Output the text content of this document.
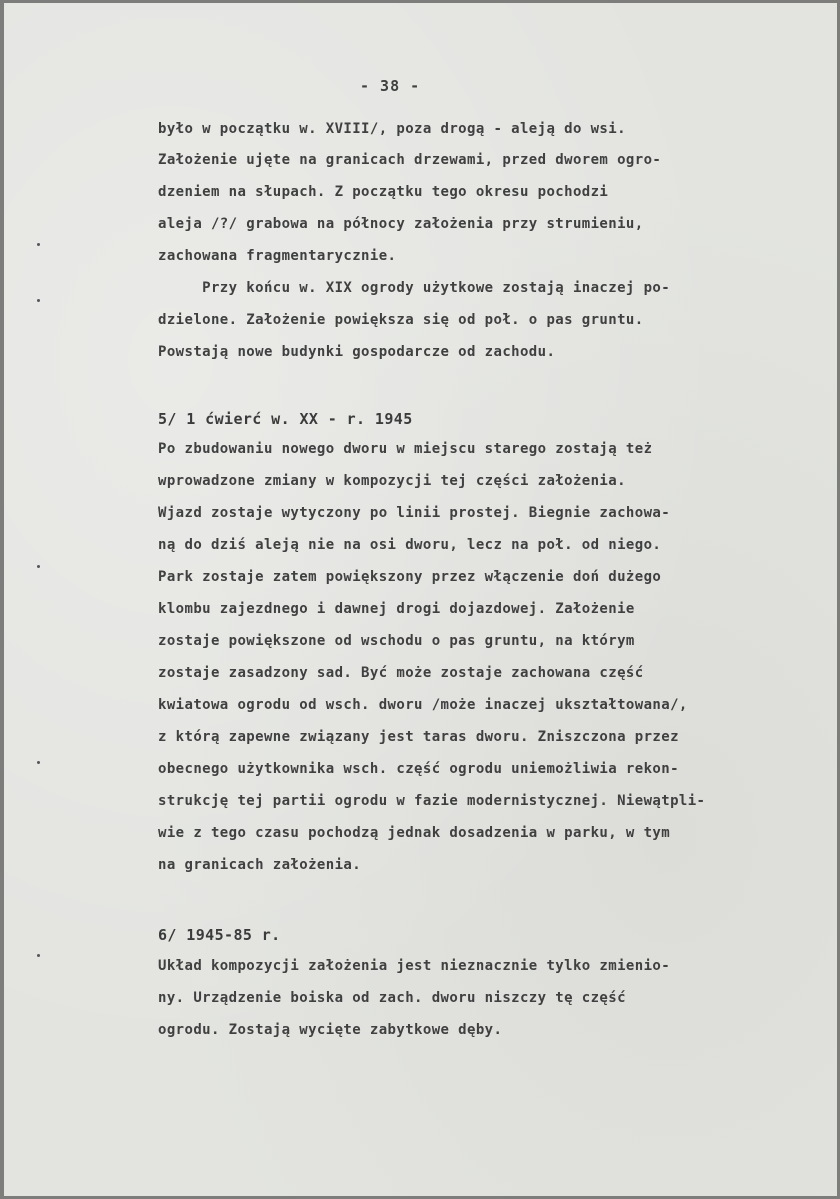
- 38 -
było w początku w. XVIII/, poza drogą - aleją do wsi.
Założenie ujęte na granicach drzewami, przed dworem ogro-
dzeniem na słupach. Z początku tego okresu pochodzi
aleja /?/ grabowa na północy założenia przy strumieniu,
zachowana fragmentarycznie.
Przy końcu w. XIX ogrody użytkowe zostają inaczej po-
dzielone. Założenie powiększa się od poł. o pas gruntu.
Powstają nowe budynki gospodarcze od zachodu.
5/ 1 ćwierć w. XX - r. 1945
Po zbudowaniu nowego dworu w miejscu starego zostają też
wprowadzone zmiany w kompozycji tej części założenia.
Wjazd zostaje wytyczony po linii prostej. Biegnie zachowa-
ną do dziś aleją nie na osi dworu, lecz na poł. od niego.
Park zostaje zatem powiększony przez włączenie doń dużego
klombu zajezdnego i dawnej drogi dojazdowej. Założenie
zostaje powiększone od wschodu o pas gruntu, na którym
zostaje zasadzony sad. Być może zostaje zachowana część
kwiatowa ogrodu od wsch. dworu /może inaczej ukształtowana/,
z którą zapewne związany jest taras dworu. Zniszczona przez
obecnego użytkownika wsch. część ogrodu uniemożliwia rekon-
strukcję tej partii ogrodu w fazie modernistycznej. Niewątpli-
wie z tego czasu pochodzą jednak dosadzenia w parku, w tym
na granicach założenia.
6/ 1945-85 r.
Układ kompozycji założenia jest nieznacznie tylko zmienio-
ny. Urządzenie boiska od zach. dworu niszczy tę część
ogrodu. Zostają wycięte zabytkowe dęby.
